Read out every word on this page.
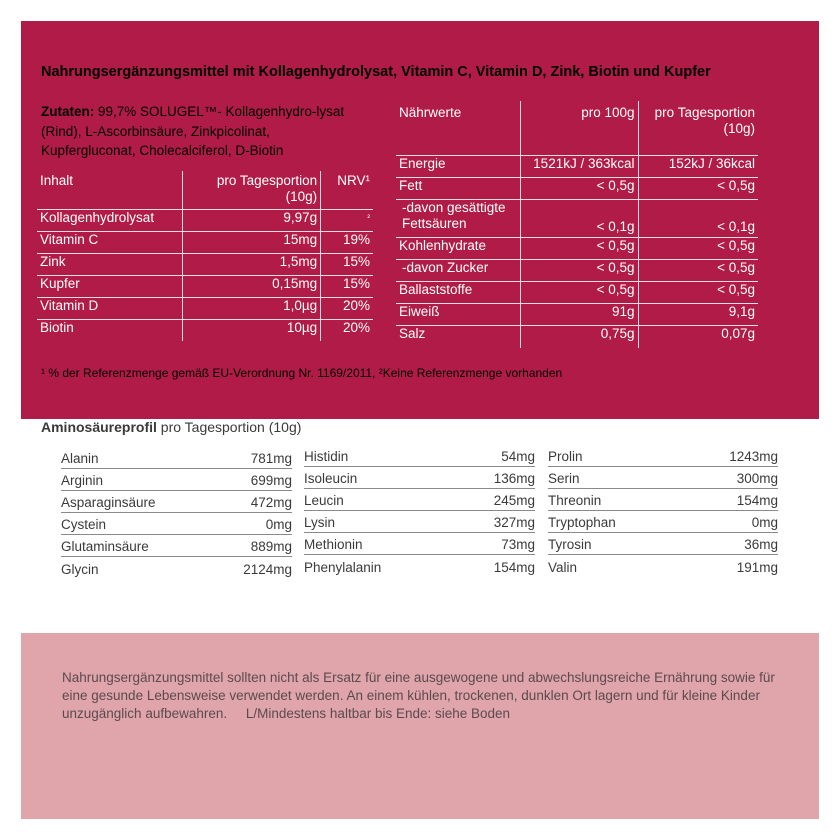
Nahrungsergänzungsmittel mit Kollagenhydrolysat, Vitamin C, Vitamin D, Zink, Biotin und Kupfer
Zutaten: 99,7% SOLUGEL™- Kollagenhydro-lysat (Rind), L-Ascorbinsäure, Zinkpicolinat, Kupfergluconat, Cholecalciferol, D-Biotin
Inhalt	pro Tagesportion (10g)	NRV¹
Kollagenhydrolysat	9,97g	$^{^2}$
Vitamin C	15mg	19%
Zink	1,5mg	15%
Kupfer	0,15mg	15%
Vitamin D	1,0µg	20%
Biotin	10µg	20%
Nährwerte	pro 100g	pro Tagesportion (10g)
Energie	1521kJ / 363kcal	152kJ / 36kcal
Fett	< 0,5g	< 0,5g
-davon gesättigte Fettsäuren	< 0,1g	< 0,1g
Kohlenhydrate	< 0,5g	< 0,5g
-davon Zucker	< 0,5g	< 0,5g
Ballaststoffe	< 0,5g	< 0,5g
Eiweiß	91g	9,1g
Salz	0,75g	0,07g
¹ % der Referenzmenge gemäß EU-Verordnung Nr. 1169/2011, ²Keine Referenzmenge vorhanden
Aminosäureprofil pro Tagesportion (10g)
Alanin	781mg
Arginin	699mg
Asparaginsäure	472mg
Cystein	0mg
Glutaminsäure	889mg
Glycin	2124mg
Histidin	54mg
Isoleucin	136mg
Leucin	245mg
Lysin	327mg
Methionin	73mg
Phenylalanin	154mg
Prolin	1243mg
Serin	300mg
Threonin	154mg
Tryptophan	0mg
Tyrosin	36mg
Valin	191mg
Nahrungsergänzungsmittel sollten nicht als Ersatz für eine ausgewogene und abwechslungsreiche Ernährung sowie für eine gesunde Lebensweise verwendet werden. An einem kühlen, trockenen, dunklen Ort lagern und für kleine Kinder unzugänglich aufbewahren.     L/Mindestens haltbar bis Ende: siehe Boden
